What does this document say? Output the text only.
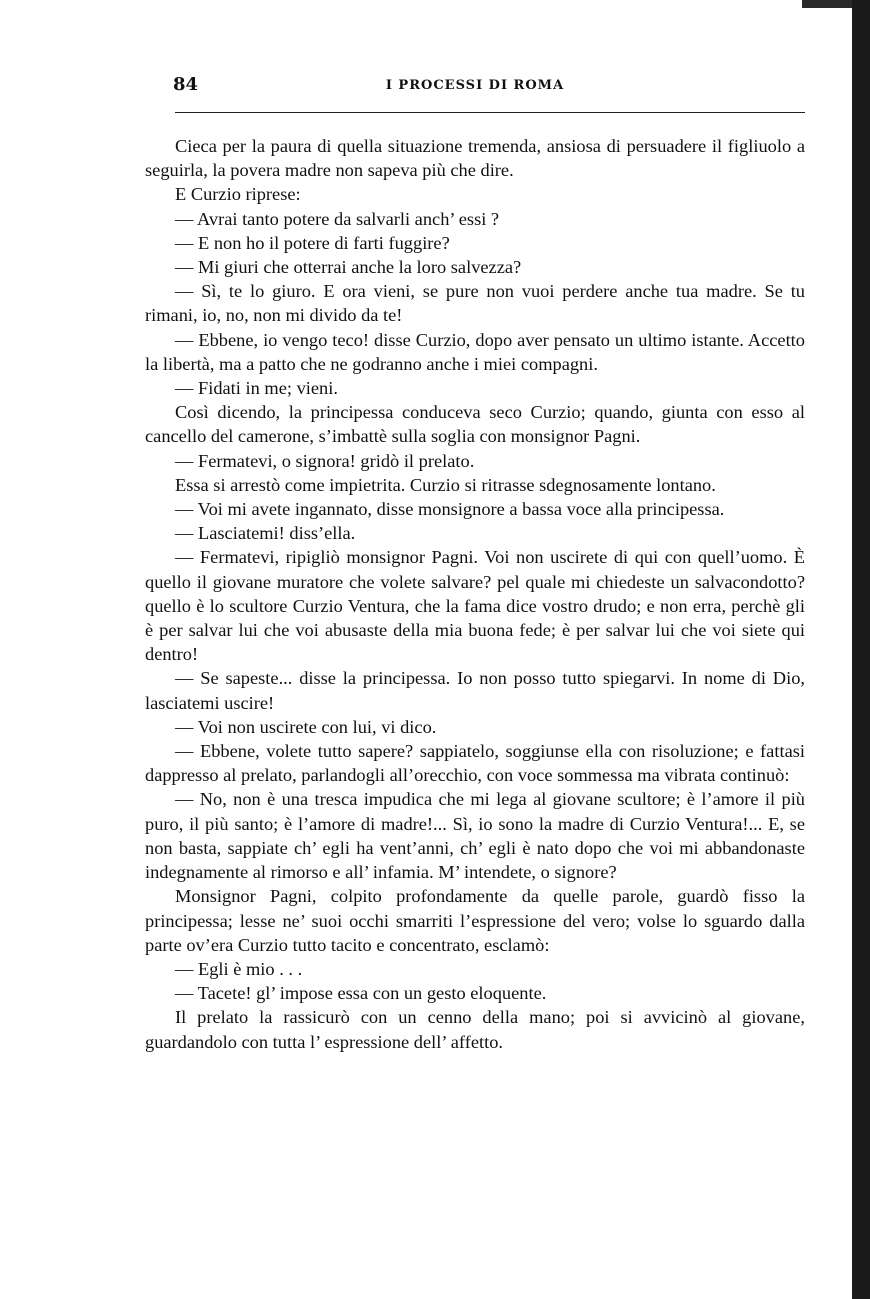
84	I PROCESSI DI ROMA

Cieca per la paura di quella situazione tremenda, ansiosa di persuadere il figliuolo a seguirla, la povera madre non sapeva più che dire.

E Curzio riprese:

— Avrai tanto potere da salvarli anch’ essi ?

— E non ho il potere di farti fuggire?

— Mi giuri che otterrai anche la loro salvezza?

— Sì, te lo giuro. E ora vieni, se pure non vuoi perdere anche tua madre. Se tu rimani, io, no, non mi divido da te!

— Ebbene, io vengo teco! disse Curzio, dopo aver pensato un ultimo istante. Accetto la libertà, ma a patto che ne godranno anche i miei compagni.

— Fidati in me; vieni.

Così dicendo, la principessa conduceva seco Curzio; quando, giunta con esso al cancello del camerone, s’imbattè sulla soglia con monsignor Pagni.

— Fermatevi, o signora! gridò il prelato.

Essa si arrestò come impietrita. Curzio si ritrasse sdegnosamente lontano.

— Voi mi avete ingannato, disse monsignore a bassa voce alla principessa.

— Lasciatemi! diss’ella.

— Fermatevi, ripigliò monsignor Pagni. Voi non uscirete di qui con quell’uomo. È quello il giovane muratore che volete salvare? pel quale mi chiedeste un salvacondotto? quello è lo scultore Curzio Ventura, che la fama dice vostro drudo; e non erra, perchè gli è per salvar lui che voi abusaste della mia buona fede; è per salvar lui che voi siete qui dentro!

— Se sapeste... disse la principessa. Io non posso tutto spiegarvi. In nome di Dio, lasciatemi uscire!

— Voi non uscirete con lui, vi dico.

— Ebbene, volete tutto sapere? sappiatelo, soggiunse ella con risoluzione; e fattasi dappresso al prelato, parlandogli all’orecchio, con voce sommessa ma vibrata continuò:

— No, non è una tresca impudica che mi lega al giovane scultore; è l’amore il più puro, il più santo; è l’amore di madre!... Sì, io sono la madre di Curzio Ventura!... E, se non basta, sappiate ch’ egli ha vent’anni, ch’ egli è nato dopo che voi mi abbandonaste indegnamente al rimorso e all’ infamia. M’ intendete, o signore?

Monsignor Pagni, colpito profondamente da quelle parole, guardò fisso la principessa; lesse ne’ suoi occhi smarriti l’espressione del vero; volse lo sguardo dalla parte ov’era Curzio tutto tacito e concentrato, esclamò:

— Egli è mio . . .

— Tacete! gl’ impose essa con un gesto eloquente.

Il prelato la rassicurò con un cenno della mano; poi si avvicinò al giovane, guardandolo con tutta l’ espressione dell’ affetto.
